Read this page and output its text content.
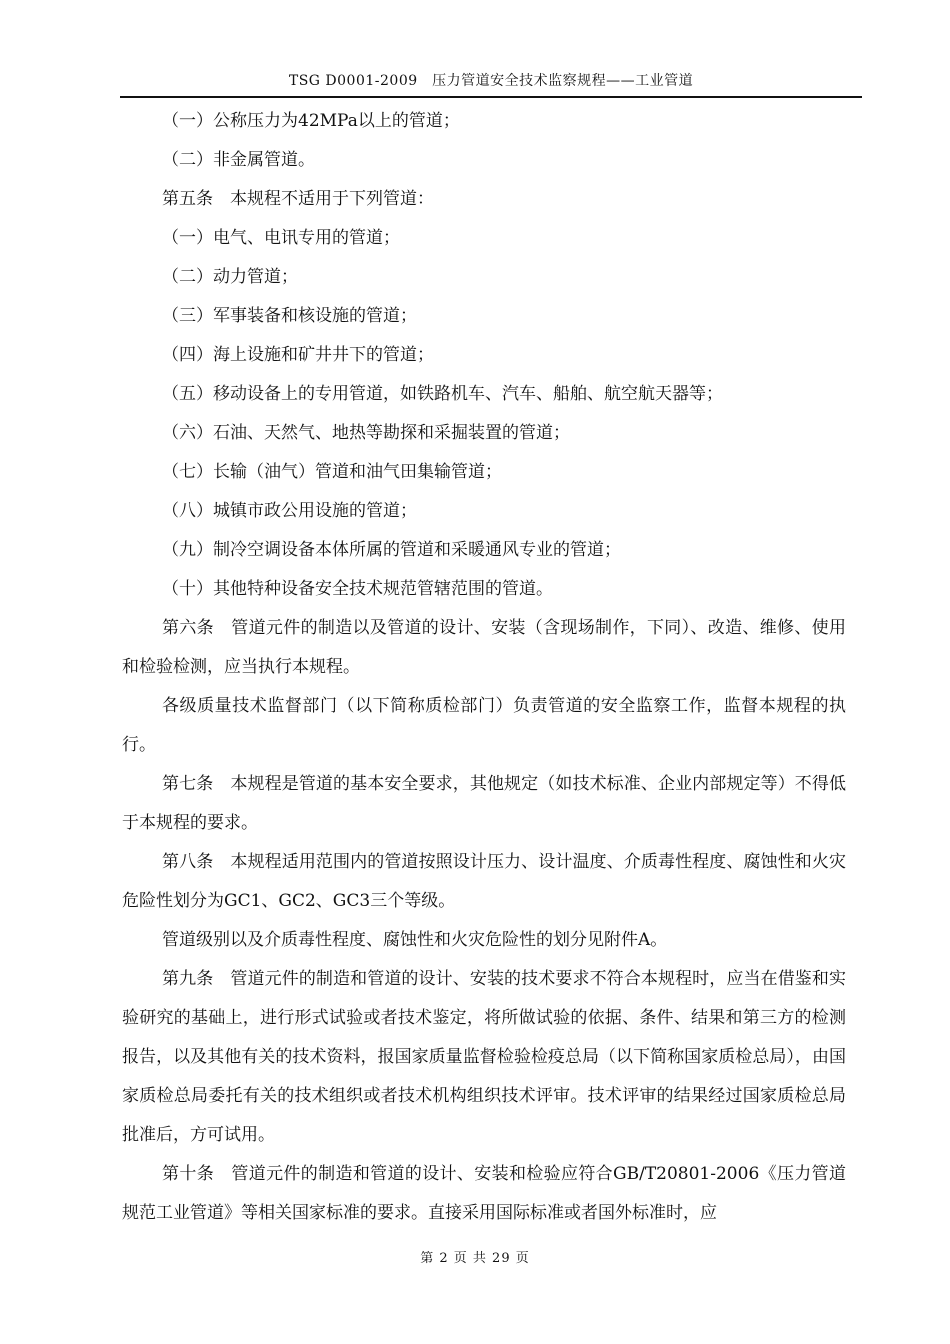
TSG D0001-2009　压力管道安全技术监察规程——工业管道

（一）公称压力为42MPa以上的管道；

（二）非金属管道。

第五条　本规程不适用于下列管道：

（一）电气、电讯专用的管道；

（二）动力管道；

（三）军事装备和核设施的管道；

（四）海上设施和矿井井下的管道；

（五）移动设备上的专用管道，如铁路机车、汽车、船舶、航空航天器等；

（六）石油、天然气、地热等勘探和采掘装置的管道；

（七）长输（油气）管道和油气田集输管道；

（八）城镇市政公用设施的管道；

（九）制冷空调设备本体所属的管道和采暖通风专业的管道；

（十）其他特种设备安全技术规范管辖范围的管道。

第六条　管道元件的制造以及管道的设计、安装（含现场制作，下同）、改造、维修、使用和检验检测，应当执行本规程。

各级质量技术监督部门（以下简称质检部门）负责管道的安全监察工作，监督本规程的执行。

第七条　本规程是管道的基本安全要求，其他规定（如技术标准、企业内部规定等）不得低于本规程的要求。

第八条　本规程适用范围内的管道按照设计压力、设计温度、介质毒性程度、腐蚀性和火灾危险性划分为GC1、GC2、GC3三个等级。

管道级别以及介质毒性程度、腐蚀性和火灾危险性的划分见附件A。

第九条　管道元件的制造和管道的设计、安装的技术要求不符合本规程时，应当在借鉴和实验研究的基础上，进行形式试验或者技术鉴定，将所做试验的依据、条件、结果和第三方的检测报告，以及其他有关的技术资料，报国家质量监督检验检疫总局（以下简称国家质检总局），由国家质检总局委托有关的技术组织或者技术机构组织技术评审。技术评审的结果经过国家质检总局批准后，方可试用。

第十条　管道元件的制造和管道的设计、安装和检验应符合GB/T20801-2006《压力管道规范工业管道》等相关国家标准的要求。直接采用国际标准或者国外标准时，应

第 2 页 共 29 页
